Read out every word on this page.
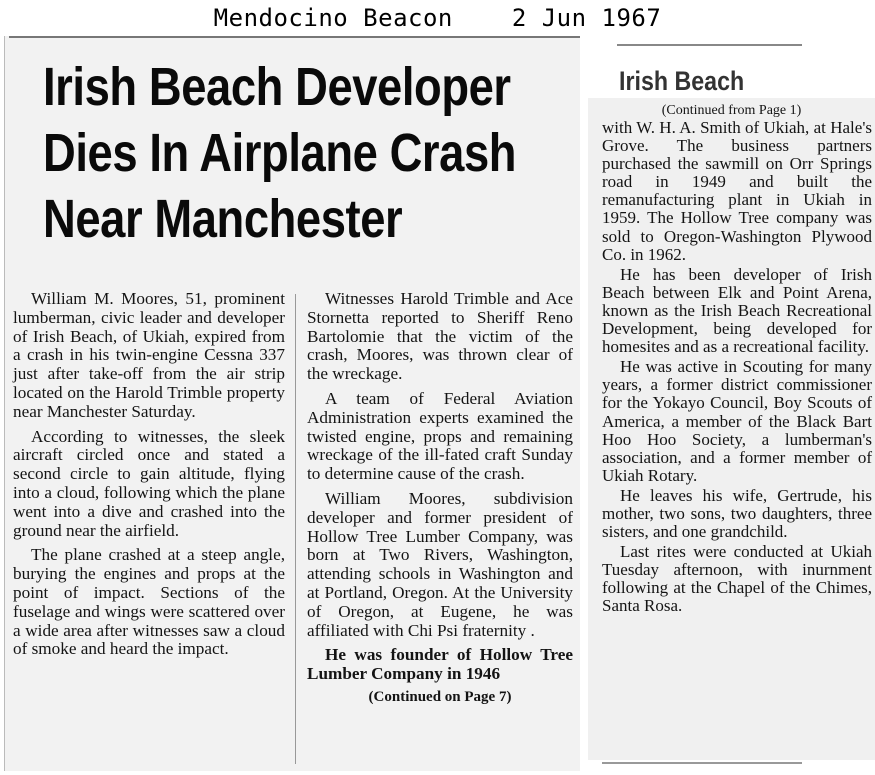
Mendocino Beacon 2 Jun 1967
Irish Beach Developer
Dies In Airplane Crash
Near Manchester

William M. Moores, 51, prominent lumberman, civic leader and developer of Irish Beach, of Ukiah, expired from a crash in his twin-engine Cessna 337 just after take-off from the air strip located on the Harold Trimble property near Manchester Saturday.

According to witnesses, the sleek aircraft circled once and stated a second circle to gain altitude, flying into a cloud, following which the plane went into a dive and crashed into the ground near the airfield.

The plane crashed at a steep angle, burying the engines and props at the point of impact. Sections of the fuselage and wings were scattered over a wide area after witnesses saw a cloud of smoke and heard the impact.

Witnesses Harold Trimble and Ace Stornetta reported to Sheriff Reno Bartolomie that the victim of the crash, Moores, was thrown clear of the wreckage.

A team of Federal Aviation Administration experts examined the twisted engine, props and remaining wreckage of the ill-fated craft Sunday to determine cause of the crash.

William Moores, subdivision developer and former president of Hollow Tree Lumber Company, was born at Two Rivers, Washington, attending schools in Washington and at Portland, Oregon. At the University of Oregon, at Eugene, he was affiliated with Chi Psi fraternity .

He was founder of Hollow Tree Lumber Company in 1946

(Continued on Page 7)

Irish Beach
(Continued from Page 1)

with W. H. A. Smith of Ukiah, at Hale's Grove. The business partners purchased the sawmill on Orr Springs road in 1949 and built the remanufacturing plant in Ukiah in 1959. The Hollow Tree company was sold to Oregon-Washington Plywood Co. in 1962.

He has been developer of Irish Beach between Elk and Point Arena, known as the Irish Beach Recreational Development, being developed for homesites and as a recreational facility.

He was active in Scouting for many years, a former district commissioner for the Yokayo Council, Boy Scouts of America, a member of the Black Bart Hoo Hoo Society, a lumberman's association, and a former member of Ukiah Rotary.

He leaves his wife, Gertrude, his mother, two sons, two daughters, three sisters, and one grandchild.

Last rites were conducted at Ukiah Tuesday afternoon, with inurnment following at the Chapel of the Chimes, Santa Rosa.
